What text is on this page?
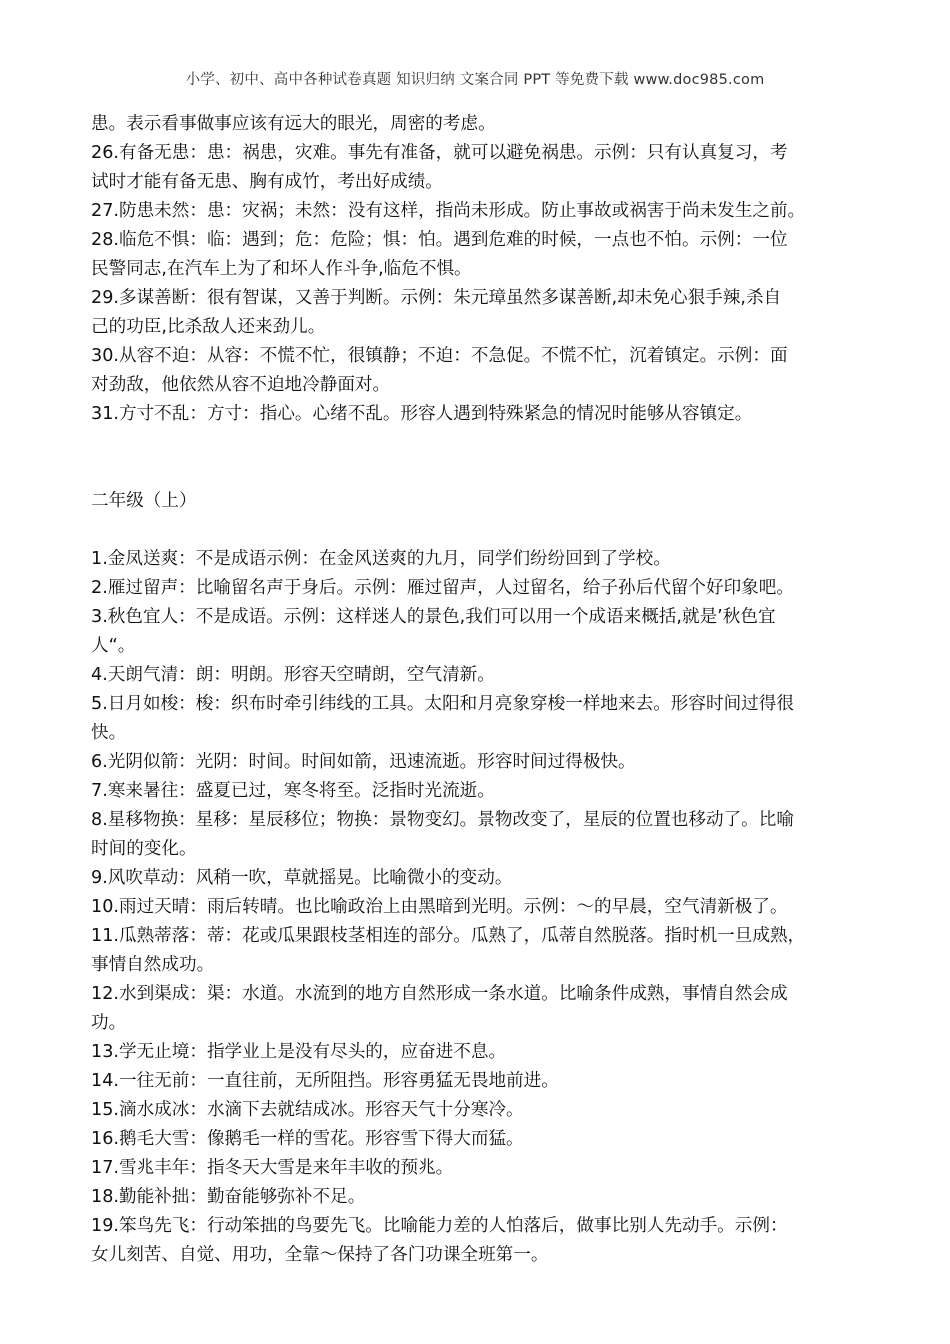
小学、初中、高中各种试卷真题 知识归纳 文案合同 PPT 等免费下载 www.doc985.com
患。表示看事做事应该有远大的眼光，周密的考虑。
26.有备无患：患：祸患，灾难。事先有准备，就可以避免祸患。示例：只有认真复习，考
试时才能有备无患、胸有成竹，考出好成绩。
27.防患未然：患：灾祸；未然：没有这样，指尚未形成。防止事故或祸害于尚未发生之前。
28.临危不惧：临：遇到；危：危险；惧：怕。遇到危难的时候，一点也不怕。示例：一位
民警同志,在汽车上为了和坏人作斗争,临危不惧。
29.多谋善断：很有智谋，又善于判断。示例：朱元璋虽然多谋善断,却未免心狠手辣,杀自
己的功臣,比杀敌人还来劲儿。
30.从容不迫：从容：不慌不忙，很镇静；不迫：不急促。不慌不忙，沉着镇定。示例：面
对劲敌，他依然从容不迫地冷静面对。
31.方寸不乱：方寸：指心。心绪不乱。形容人遇到特殊紧急的情况时能够从容镇定。
二年级（上）
1.金凤送爽：不是成语示例：在金风送爽的九月，同学们纷纷回到了学校。
2.雁过留声：比喻留名声于身后。示例：雁过留声，人过留名，给子孙后代留个好印象吧。
3.秋色宜人：不是成语。示例：这样迷人的景色,我们可以用一个成语来概括,就是’秋色宜
人“。
4.天朗气清：朗：明朗。形容天空晴朗，空气清新。
5.日月如梭：梭：织布时牵引纬线的工具。太阳和月亮象穿梭一样地来去。形容时间过得很
快。
6.光阴似箭：光阴：时间。时间如箭，迅速流逝。形容时间过得极快。
7.寒来暑往：盛夏已过，寒冬将至。泛指时光流逝。
8.星移物换：星移：星辰移位；物换：景物变幻。景物改变了，星辰的位置也移动了。比喻
时间的变化。
9.风吹草动：风稍一吹，草就摇晃。比喻微小的变动。
10.雨过天晴：雨后转晴。也比喻政治上由黑暗到光明。示例：～的早晨，空气清新极了。
11.瓜熟蒂落：蒂：花或瓜果跟枝茎相连的部分。瓜熟了，瓜蒂自然脱落。指时机一旦成熟，
事情自然成功。
12.水到渠成：渠：水道。水流到的地方自然形成一条水道。比喻条件成熟，事情自然会成
功。
13.学无止境：指学业上是没有尽头的，应奋进不息。
14.一往无前：一直往前，无所阻挡。形容勇猛无畏地前进。
15.滴水成冰：水滴下去就结成冰。形容天气十分寒冷。
16.鹅毛大雪：像鹅毛一样的雪花。形容雪下得大而猛。
17.雪兆丰年：指冬天大雪是来年丰收的预兆。
18.勤能补拙：勤奋能够弥补不足。
19.笨鸟先飞：行动笨拙的鸟要先飞。比喻能力差的人怕落后，做事比别人先动手。示例：
女儿刻苦、自觉、用功，全靠～保持了各门功课全班第一。
